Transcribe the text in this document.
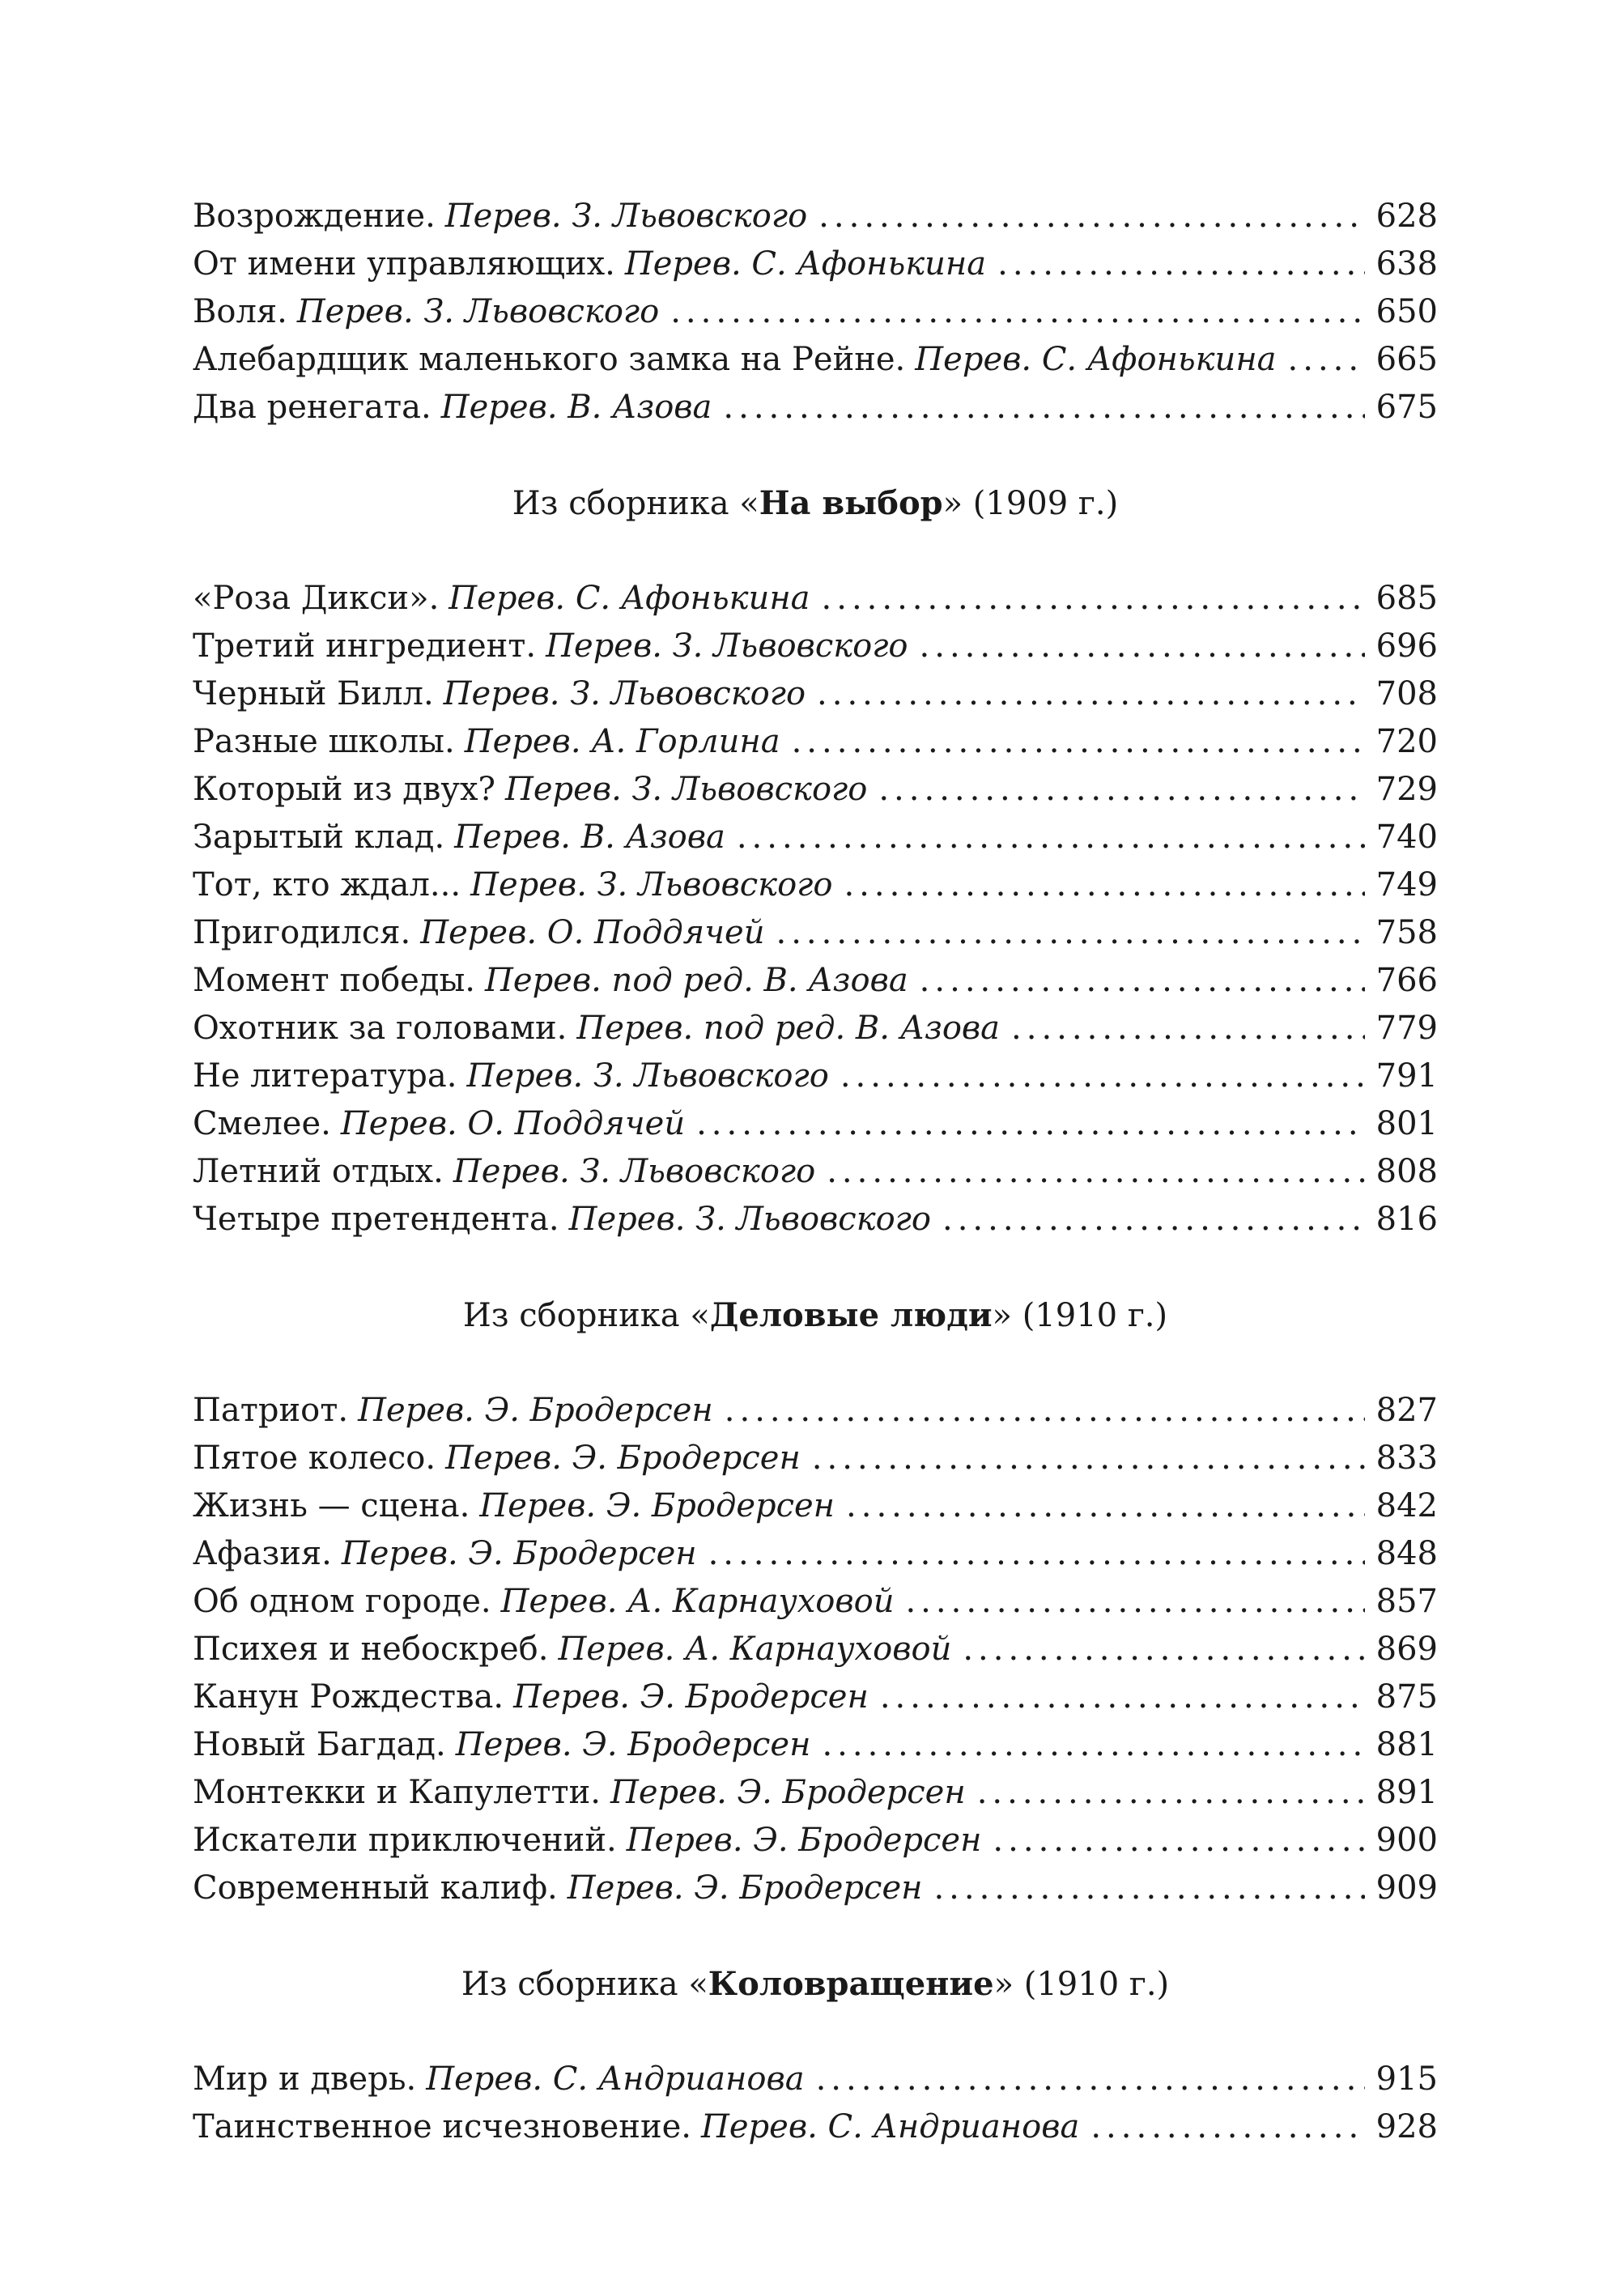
Возрождение. Перев. З. Львовского .....	628
От имени управляющих. Перев. С. Афонькина .....	638
Воля. Перев. З. Львовского .....	650
Алебардщик маленького замка на Рейне. Перев. С. Афонькина .....	665
Два ренегата. Перев. В. Азова .....	675
Из сборника «На выбор» (1909 г.)
«Роза Дикси». Перев. С. Афонькина .....	685
Третий ингредиент. Перев. З. Львовского .....	696
Черный Билл. Перев. З. Львовского .....	708
Разные школы. Перев. А. Горлина .....	720
Который из двух? Перев. З. Львовского .....	729
Зарытый клад. Перев. В. Азова .....	740
Тот, кто ждал... Перев. З. Львовского .....	749
Пригодился. Перев. О. Поддячей .....	758
Момент победы. Перев. под ред. В. Азова .....	766
Охотник за головами. Перев. под ред. В. Азова .....	779
Не литература. Перев. З. Львовского .....	791
Смелее. Перев. О. Поддячей .....	801
Летний отдых. Перев. З. Львовского .....	808
Четыре претендента. Перев. З. Львовского .....	816
Из сборника «Деловые люди» (1910 г.)
Патриот. Перев. Э. Бродерсен .....	827
Пятое колесо. Перев. Э. Бродерсен .....	833
Жизнь — сцена. Перев. Э. Бродерсен .....	842
Афазия. Перев. Э. Бродерсен .....	848
Об одном городе. Перев. А. Карнауховой .....	857
Психея и небоскреб. Перев. А. Карнауховой .....	869
Канун Рождества. Перев. Э. Бродерсен .....	875
Новый Багдад. Перев. Э. Бродерсен .....	881
Монтекки и Капулетти. Перев. Э. Бродерсен .....	891
Искатели приключений. Перев. Э. Бродерсен .....	900
Современный калиф. Перев. Э. Бродерсен .....	909
Из сборника «Коловращение» (1910 г.)
Мир и дверь. Перев. С. Андрианова .....	915
Таинственное исчезновение. Перев. С. Андрианова .....	928
